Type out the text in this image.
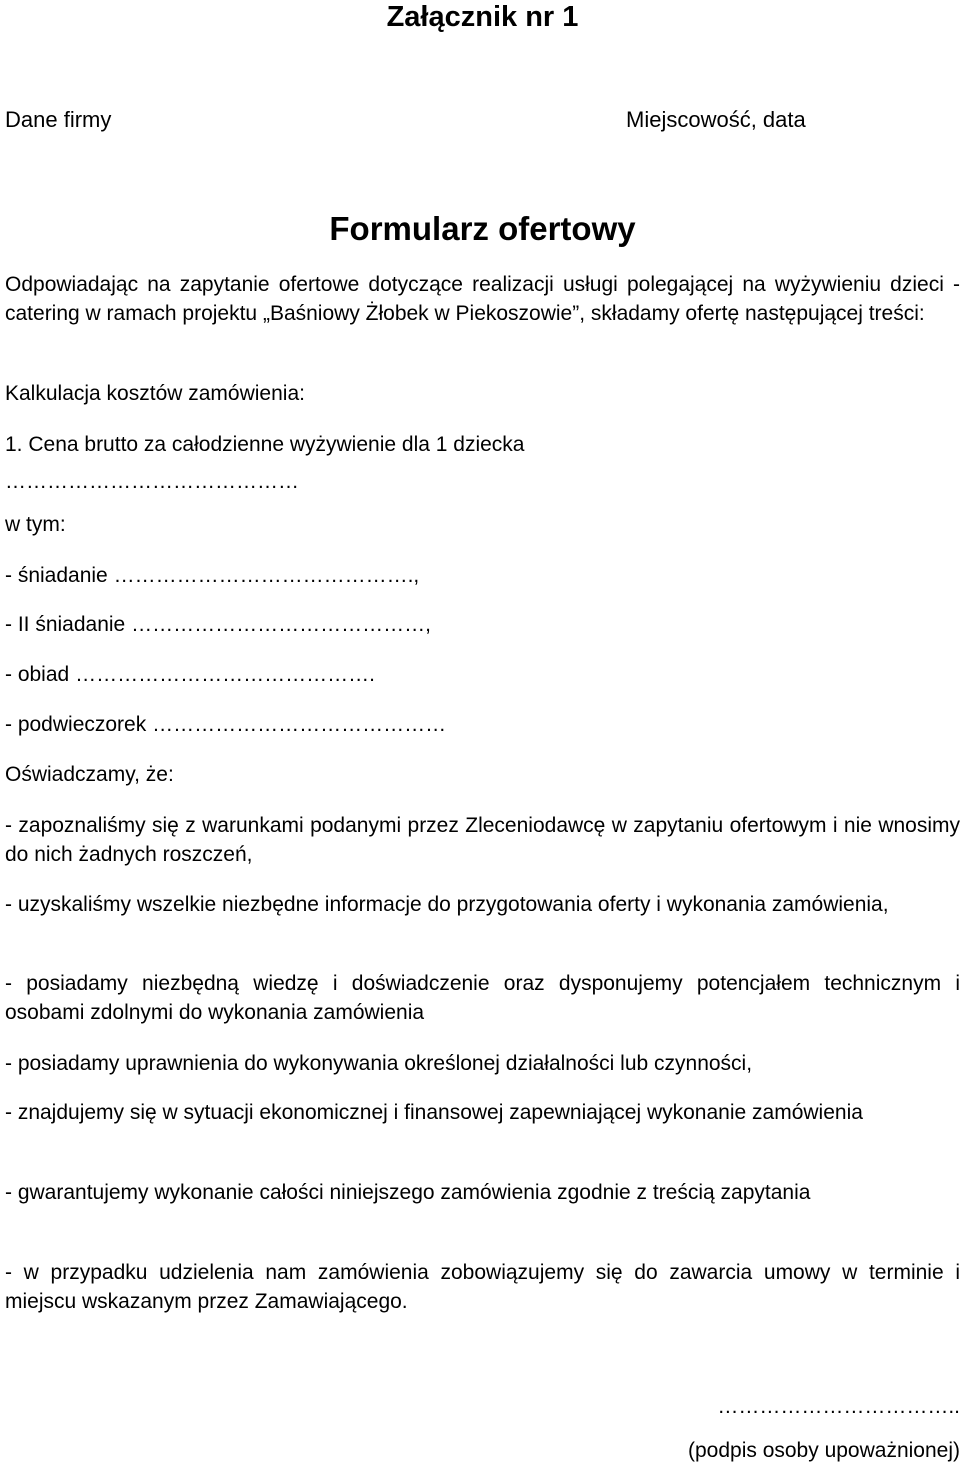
Załącznik nr 1
Dane firmy	Miejscowość, data
Formularz ofertowy

Odpowiadając na zapytanie ofertowe dotyczące realizacji usługi polegającej na wyżywieniu dzieci - catering w ramach projektu „Baśniowy Żłobek w Piekoszowie”, składamy ofertę następującej treści:

Kalkulacja kosztów zamówienia:

1. Cena brutto za całodzienne wyżywienie dla 1 dziecka

……………………………………

w tym:

- śniadanie …………………………………….,

- II śniadanie ……………………………………,

- obiad …………………………………….

- podwieczorek ……………………………………

Oświadczamy, że:

- zapoznaliśmy się z warunkami podanymi przez Zleceniodawcę w zapytaniu ofertowym i nie wnosimy do nich żadnych roszczeń,

- uzyskaliśmy wszelkie niezbędne informacje do przygotowania oferty i wykonania zamówienia,

- posiadamy niezbędną wiedzę i doświadczenie oraz dysponujemy potencjałem technicznym i osobami zdolnymi do wykonania zamówienia

- posiadamy uprawnienia do wykonywania określonej działalności lub czynności,

- znajdujemy się w sytuacji ekonomicznej i finansowej zapewniającej wykonanie zamówienia

- gwarantujemy wykonanie całości niniejszego zamówienia zgodnie z treścią zapytania

- w przypadku udzielenia nam zamówienia zobowiązujemy się do zawarcia umowy w terminie i miejscu wskazanym przez Zamawiającego.

……………………………..
(podpis osoby upoważnionej)
